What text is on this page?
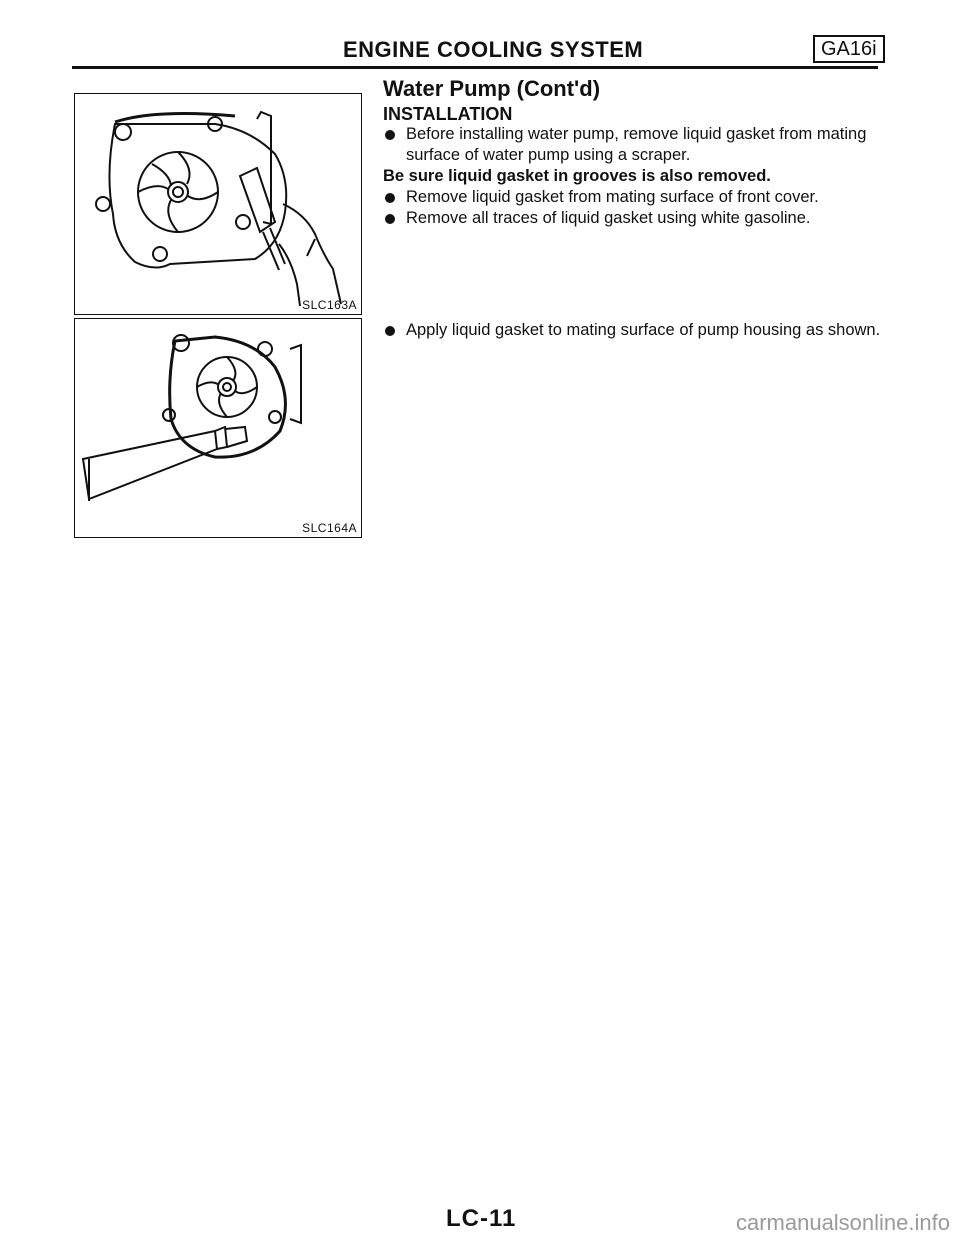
ENGINE COOLING SYSTEM	GA16i
Water Pump (Cont'd)
INSTALLATION
Before installing water pump, remove liquid gasket from mating surface of water pump using a scraper.
Be sure liquid gasket in grooves is also removed.
Remove liquid gasket from mating surface of front cover.
Remove all traces of liquid gasket using white gasoline.
Apply liquid gasket to mating surface of pump housing as shown.
SLC163A
SLC164A
LC-11	carmanualsonline.info
